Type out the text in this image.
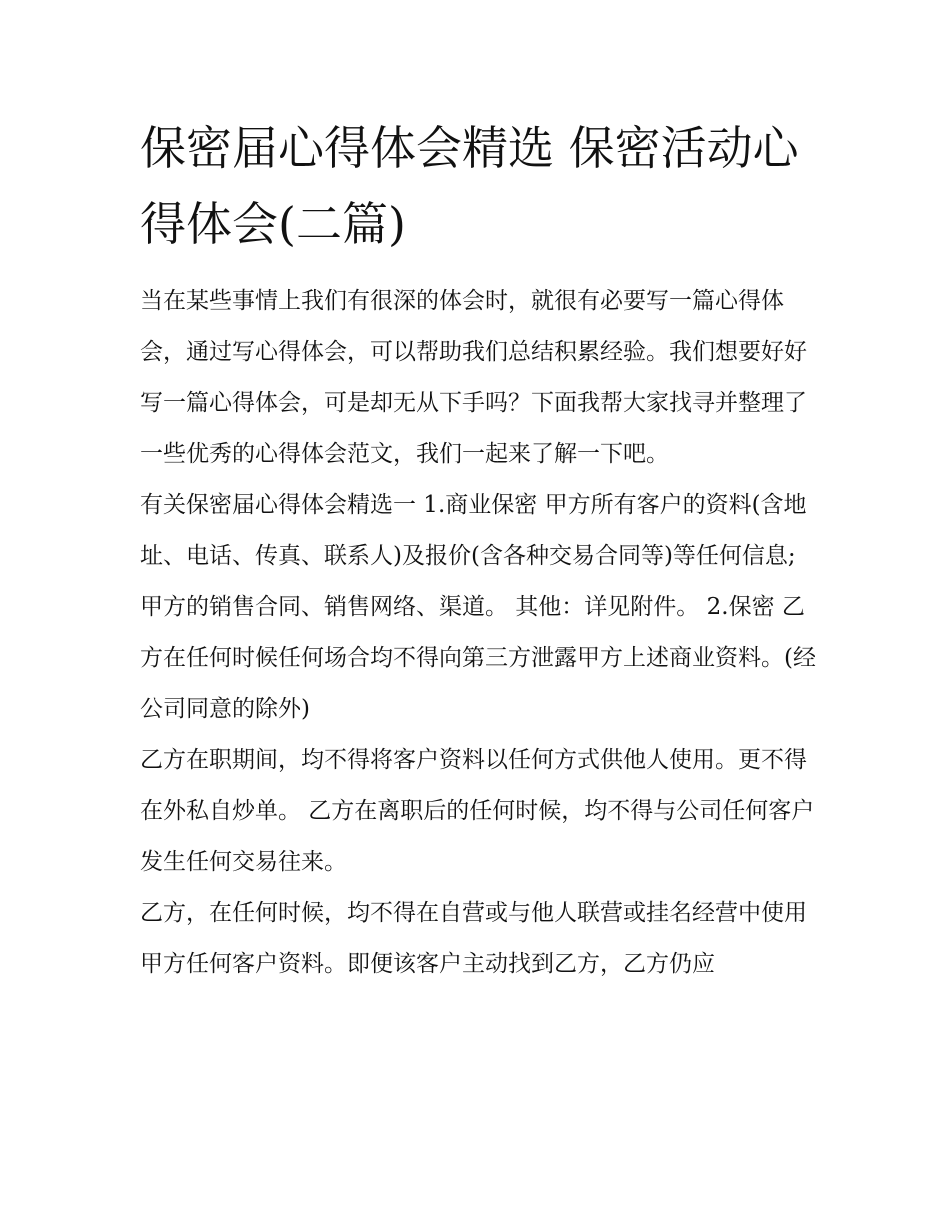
保密届心得体会精选 保密活动心得体会(二篇)

当在某些事情上我们有很深的体会时，就很有必要写一篇心得体会，通过写心得体会，可以帮助我们总结积累经验。我们想要好好写一篇心得体会，可是却无从下手吗？下面我帮大家找寻并整理了一些优秀的心得体会范文，我们一起来了解一下吧。

有关保密届心得体会精选一 1.商业保密 甲方所有客户的资料(含地址、电话、传真、联系人)及报价(含各种交易合同等)等任何信息;

甲方的销售合同、销售网络、渠道。 其他：详见附件。 2.保密 乙方在任何时候任何场合均不得向第三方泄露甲方上述商业资料。(经公司同意的除外)

乙方在职期间，均不得将客户资料以任何方式供他人使用。更不得在外私自炒单。 乙方在离职后的任何时候，均不得与公司任何客户发生任何交易往来。

乙方，在任何时候，均不得在自营或与他人联营或挂名经营中使用甲方任何客户资料。即便该客户主动找到乙方，乙方仍应
